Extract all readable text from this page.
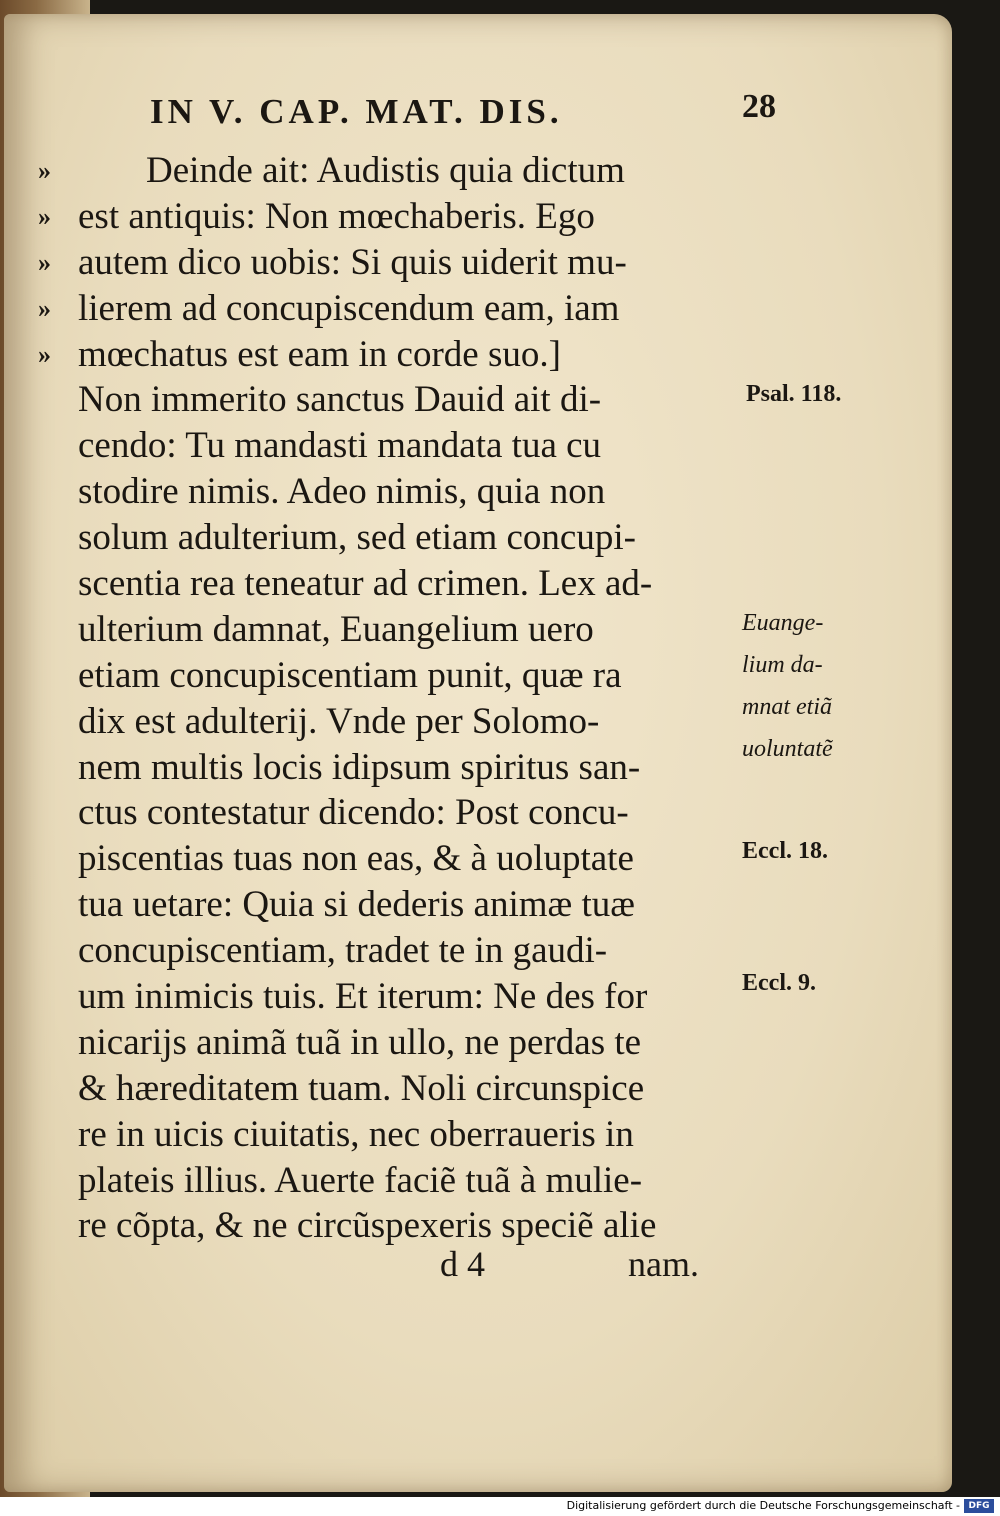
IN V. CAP. MAT. DIS.	28
»	Deinde ait: Audistis quia dictum
» est antiquis: Non mœchaberis. Ego
» autem dico uobis: Si quis uiderit mu-
» lierem ad concupiscendum eam, iam
» mœchatus est eam in corde suo.]
Non immerito sanctus Dauid ait di-
cendo: Tu mandasti mandata tua cu
stodire nimis. Adeo nimis, quia non
solum adulterium, sed etiam concupi-
scentia rea teneatur ad crimen. Lex ad-
ulterium damnat, Euangelium uero
etiam concupiscentiam punit, quæ ra
dix est adulterij. Vnde per Solomo-
nem multis locis idipsum spiritus san-
ctus contestatur dicendo: Post concu-
piscentias tuas non eas, & à uoluptate
tua uetare: Quia si dederis animæ tuæ
concupiscentiam, tradet te in gaudi-
um inimicis tuis. Et iterum: Ne des for
nicarijs animã tuã in ullo, ne perdas te
& hæreditatem tuam. Noli circunspice
re in uicis ciuitatis, nec oberraueris in
plateis illius. Auerte faciẽ tuã à mulie-
re cõpta, & ne circũspexeris speciẽ alie
Psal. 118.
Euange-
lium da-
mnat etiã
uoluntatẽ
Eccl. 18.
Eccl. 9.
d 4	nam.
Digitalisierung gefördert durch die Deutsche Forschungsgemeinschaft - DFG
